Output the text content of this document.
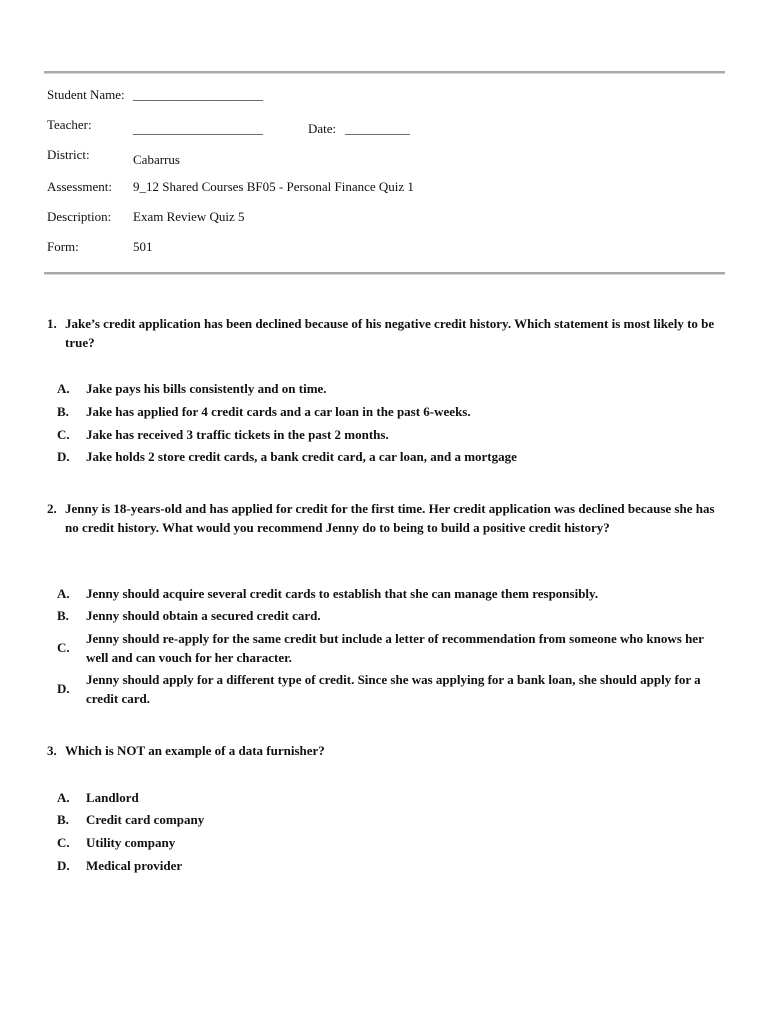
Student Name: ____________________
Teacher:	____________________	Date: __________
District:	Cabarrus
Assessment: 9_12 Shared Courses BF05 - Personal Finance Quiz 1
Description: Exam Review Quiz 5
Form:	501
1. Jake’s credit application has been declined because of his negative credit history. Which statement is most likely to be true?
A.	Jake pays his bills consistently and on time.
B.	Jake has applied for 4 credit cards and a car loan in the past 6-weeks.
C.	Jake has received 3 traffic tickets in the past 2 months.
D.	Jake holds 2 store credit cards, a bank credit card, a car loan, and a mortgage
2. Jenny is 18-years-old and has applied for credit for the first time. Her credit application was declined because she has no credit history. What would you recommend Jenny do to being to build a positive credit history?
A.	Jenny should acquire several credit cards to establish that she can manage them responsibly.
B.	Jenny should obtain a secured credit card.
C.
Jenny should re-apply for the same credit but include a letter of recommendation from someone who knows her well and can vouch for her character.
D.
Jenny should apply for a different type of credit. Since she was applying for a bank loan, she should apply for a credit card.
3. Which is NOT an example of a data furnisher?
A.	Landlord
B.	Credit card company
C.	Utility company
D.	Medical provider
